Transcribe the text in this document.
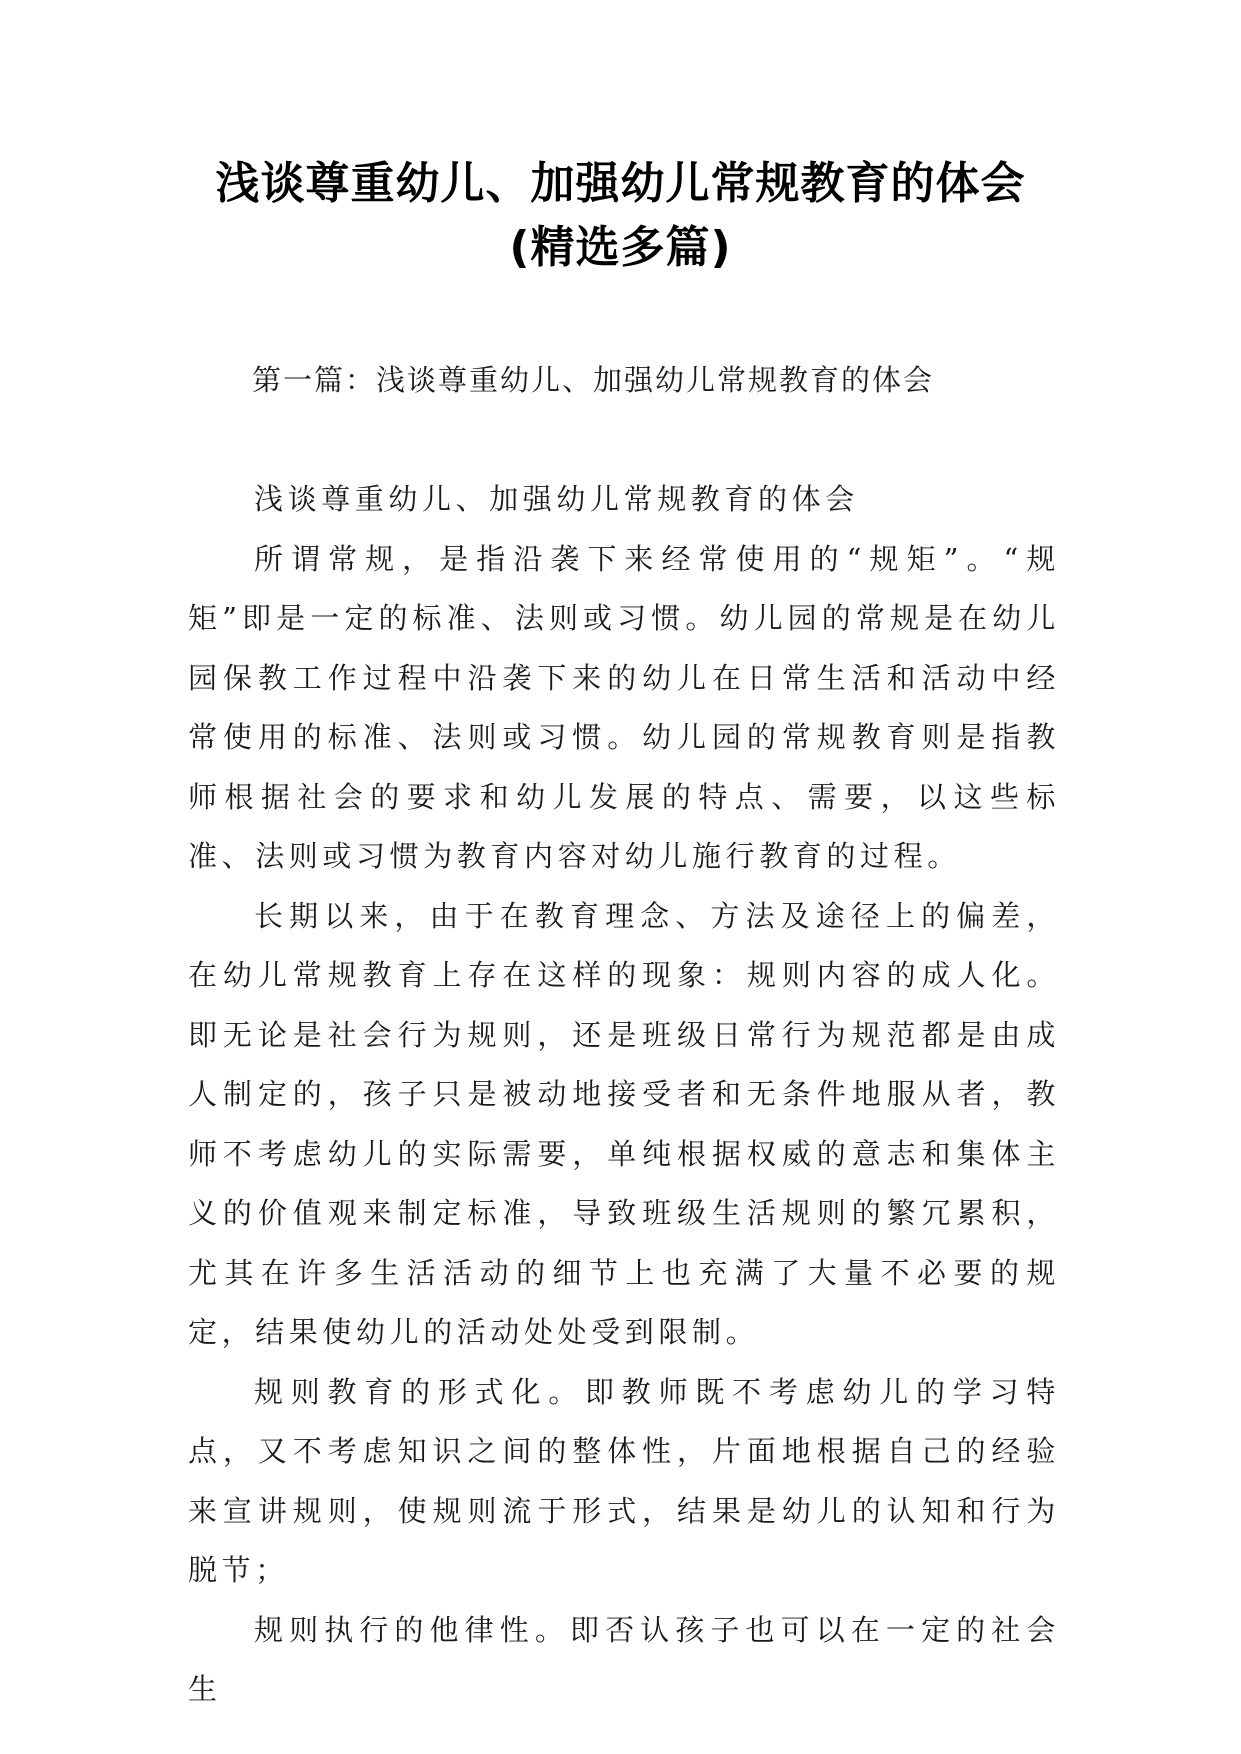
浅谈尊重幼儿、加强幼儿常规教育的体会
(精选多篇)
第一篇：浅谈尊重幼儿、加强幼儿常规教育的体会

浅谈尊重幼儿、加强幼儿常规教育的体会

所谓常规，是指沿袭下来经常使用的“规矩”。“规矩”即是一定的标准、法则或习惯。幼儿园的常规是在幼儿园保教工作过程中沿袭下来的幼儿在日常生活和活动中经常使用的标准、法则或习惯。幼儿园的常规教育则是指教师根据社会的要求和幼儿发展的特点、需要，以这些标准、法则或习惯为教育内容对幼儿施行教育的过程。

长期以来，由于在教育理念、方法及途径上的偏差，在幼儿常规教育上存在这样的现象：规则内容的成人化。即无论是社会行为规则，还是班级日常行为规范都是由成人制定的，孩子只是被动地接受者和无条件地服从者，教师不考虑幼儿的实际需要，单纯根据权威的意志和集体主义的价值观来制定标准，导致班级生活规则的繁冗累积，尤其在许多生活活动的细节上也充满了大量不必要的规定，结果使幼儿的活动处处受到限制。

规则教育的形式化。即教师既不考虑幼儿的学习特点，又不考虑知识之间的整体性，片面地根据自己的经验来宣讲规则，使规则流于形式，结果是幼儿的认知和行为脱节；

规则执行的他律性。即否认孩子也可以在一定的社会生
